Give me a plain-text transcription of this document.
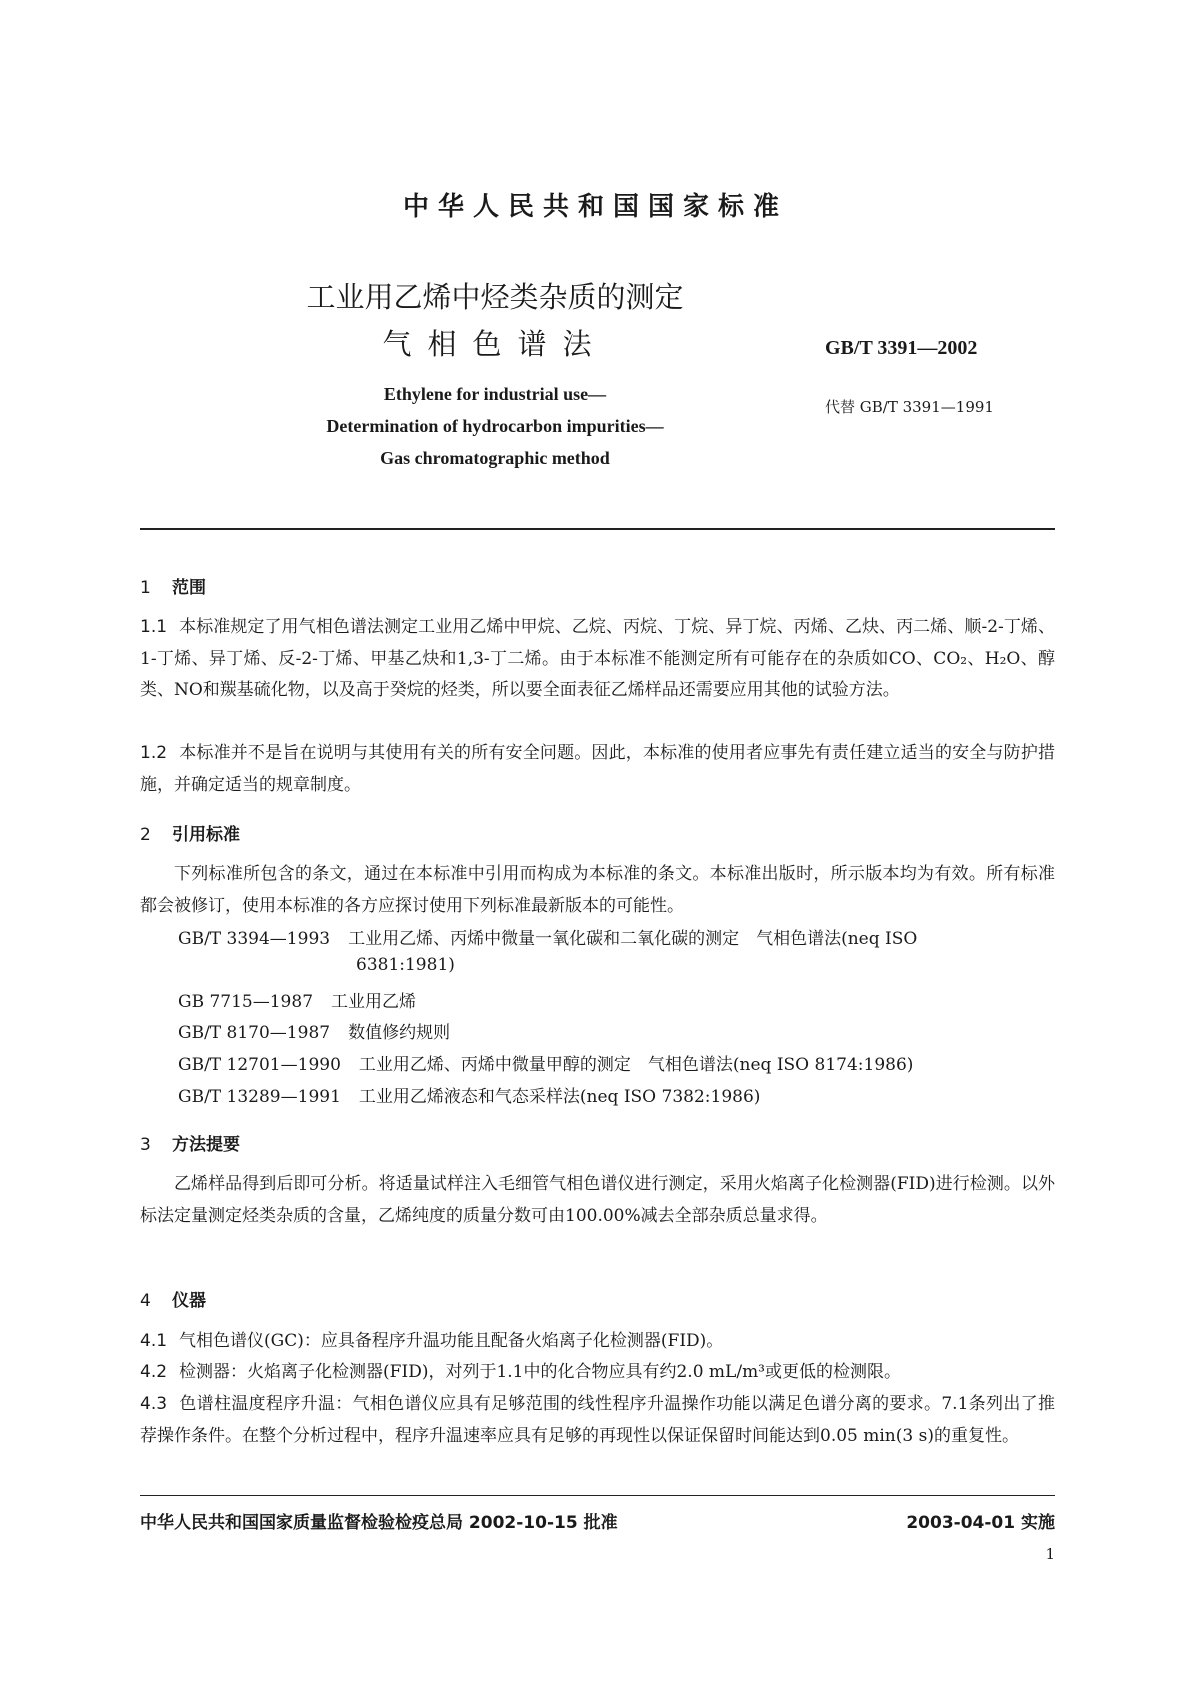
中华人民共和国国家标准
工业用乙烯中烃类杂质的测定
气相色谱法
Ethylene for industrial use—
Determination of hydrocarbon impurities—
Gas chromatographic method
GB/T 3391—2002
代替 GB/T 3391—1991
1 范围
1.1 本标准规定了用气相色谱法测定工业用乙烯中甲烷、乙烷、丙烷、丁烷、异丁烷、丙烯、乙炔、丙二烯、顺-2-丁烯、1-丁烯、异丁烯、反-2-丁烯、甲基乙炔和1,3-丁二烯。由于本标准不能测定所有可能存在的杂质如CO、CO₂、H₂O、醇类、NO和羰基硫化物，以及高于癸烷的烃类，所以要全面表征乙烯样品还需要应用其他的试验方法。
1.2 本标准并不是旨在说明与其使用有关的所有安全问题。因此，本标准的使用者应事先有责任建立适当的安全与防护措施，并确定适当的规章制度。
2 引用标准
下列标准所包含的条文，通过在本标准中引用而构成为本标准的条文。本标准出版时，所示版本均为有效。所有标准都会被修订，使用本标准的各方应探讨使用下列标准最新版本的可能性。
GB/T 3394—1993 工业用乙烯、丙烯中微量一氧化碳和二氧化碳的测定　气相色谱法(neq ISO
6381:1981)
GB 7715—1987 工业用乙烯
GB/T 8170—1987 数值修约规则
GB/T 12701—1990 工业用乙烯、丙烯中微量甲醇的测定　气相色谱法(neq ISO 8174:1986)
GB/T 13289—1991 工业用乙烯液态和气态采样法(neq ISO 7382:1986)
3 方法提要
乙烯样品得到后即可分析。将适量试样注入毛细管气相色谱仪进行测定，采用火焰离子化检测器(FID)进行检测。以外标法定量测定烃类杂质的含量，乙烯纯度的质量分数可由100.00%减去全部杂质总量求得。
4 仪器
4.1 气相色谱仪(GC)：应具备程序升温功能且配备火焰离子化检测器(FID)。
4.2 检测器：火焰离子化检测器(FID)，对列于1.1中的化合物应具有约2.0 mL/m³或更低的检测限。
4.3 色谱柱温度程序升温：气相色谱仪应具有足够范围的线性程序升温操作功能以满足色谱分离的要求。7.1条列出了推荐操作条件。在整个分析过程中，程序升温速率应具有足够的再现性以保证保留时间能达到0.05 min(3 s)的重复性。
中华人民共和国国家质量监督检验检疫总局 2002-10-15 批准	2003-04-01 实施
1
